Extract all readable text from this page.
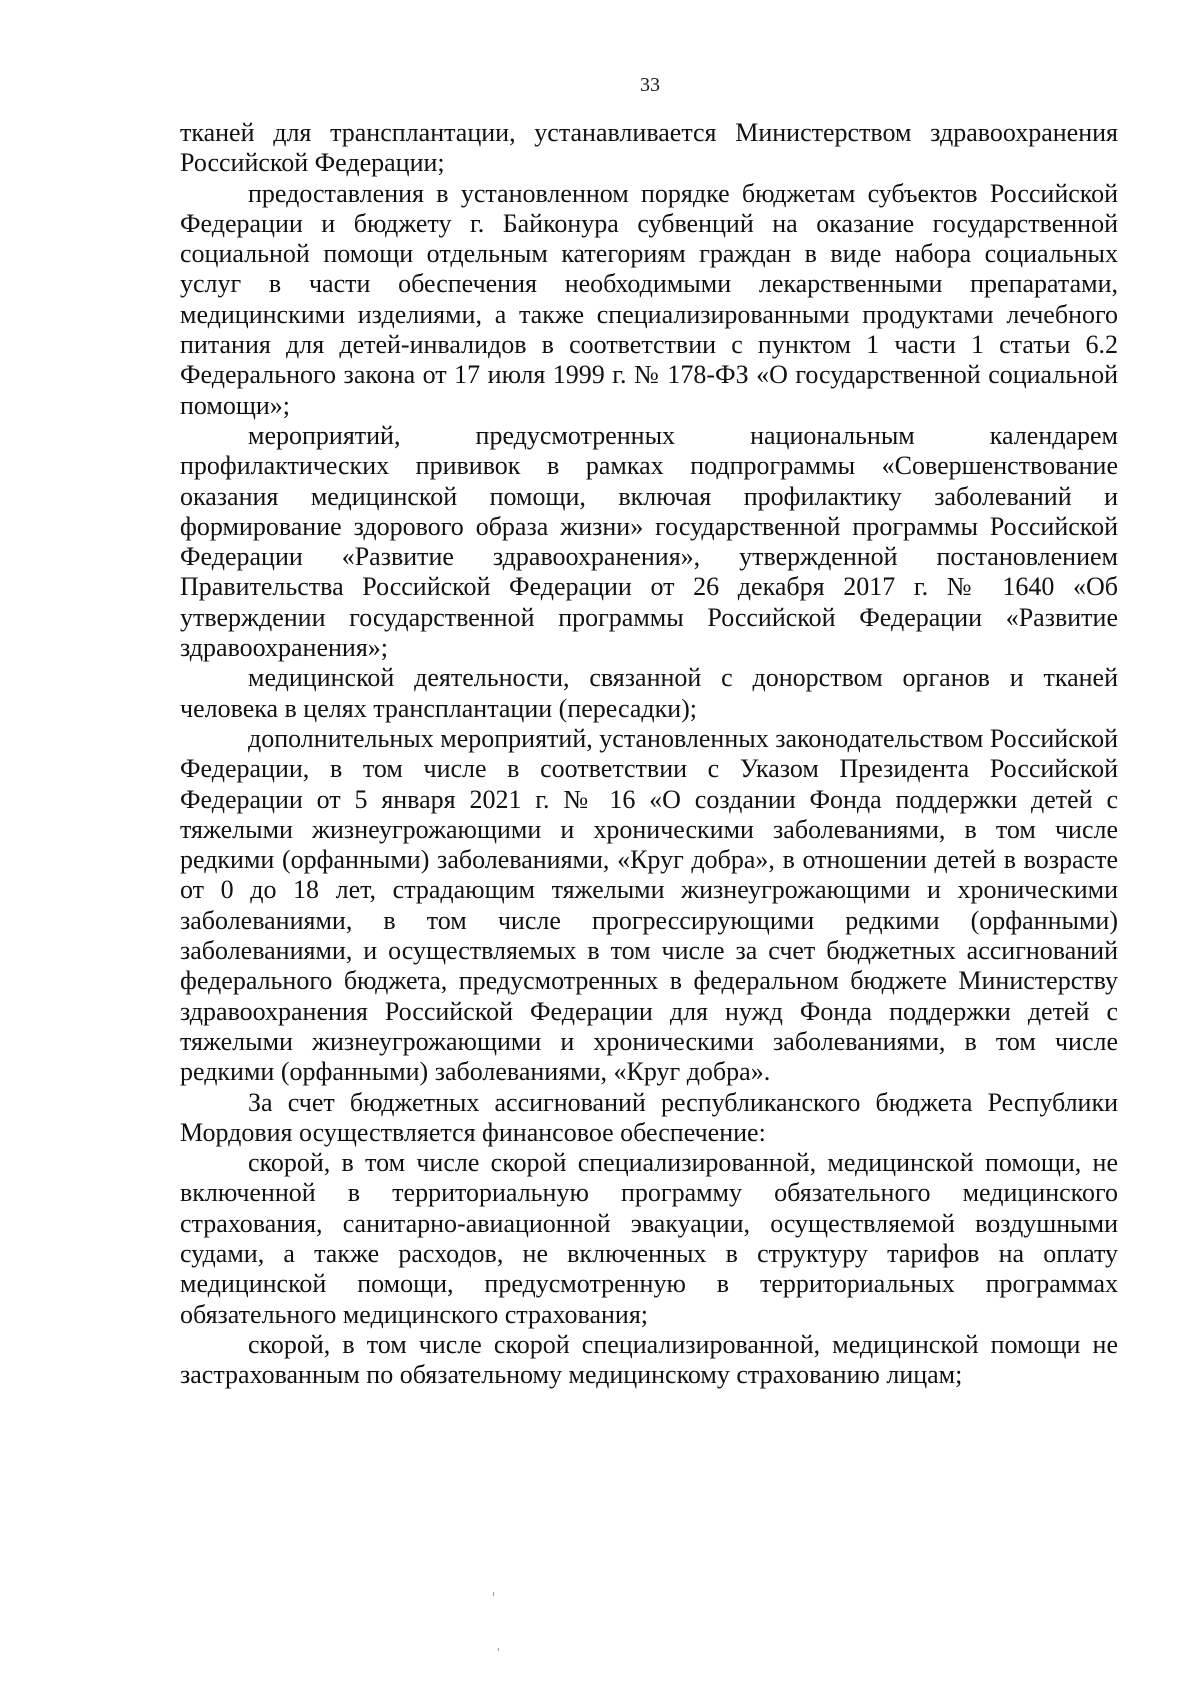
33

тканей для трансплантации, устанавливается Министерством здравоохранения Российской Федерации;

предоставления в установленном порядке бюджетам субъектов Российской Федерации и бюджету г. Байконура субвенций на оказание государственной социальной помощи отдельным категориям граждан в виде набора социальных услуг в части обеспечения необходимыми лекарственными препаратами, медицинскими изделиями, а также специализированными продуктами лечебного питания для детей-инвалидов в соответствии с пунктом 1 части 1 статьи 6.2 Федерального закона от 17 июля 1999 г. № 178-ФЗ «О государственной социальной помощи»;

мероприятий, предусмотренных национальным календарем профилактических прививок в рамках подпрограммы «Совершенствование оказания медицинской помощи, включая профилактику заболеваний и формирование здорового образа жизни» государственной программы Российской Федерации «Развитие здравоохранения», утвержденной постановлением Правительства Российской Федерации от 26 декабря 2017 г. № 1640 «Об утверждении государственной программы Российской Федерации «Развитие здравоохранения»;

медицинской деятельности, связанной с донорством органов и тканей человека в целях трансплантации (пересадки);

дополнительных мероприятий, установленных законодательством Российской Федерации, в том числе в соответствии с Указом Президента Российской Федерации от 5 января 2021 г. № 16 «О создании Фонда поддержки детей с тяжелыми жизнеугрожающими и хроническими заболеваниями, в том числе редкими (орфанными) заболеваниями, «Круг добра», в отношении детей в возрасте от 0 до 18 лет, страдающим тяжелыми жизнеугрожающими и хроническими заболеваниями, в том числе прогрессирующими редкими (орфанными) заболеваниями, и осуществляемых в том числе за счет бюджетных ассигнований федерального бюджета, предусмотренных в федеральном бюджете Министерству здравоохранения Российской Федерации для нужд Фонда поддержки детей с тяжелыми жизнеугрожающими и хроническими заболеваниями, в том числе редкими (орфанными) заболеваниями, «Круг добра».

За счет бюджетных ассигнований республиканского бюджета Республики Мордовия осуществляется финансовое обеспечение:

скорой, в том числе скорой специализированной, медицинской помощи, не включенной в территориальную программу обязательного медицинского страхования, санитарно-авиационной эвакуации, осуществляемой воздушными судами, а также расходов, не включенных в структуру тарифов на оплату медицинской помощи, предусмотренную в территориальных программах обязательного медицинского страхования;

скорой, в том числе скорой специализированной, медицинской помощи не застрахованным по обязательному медицинскому страхованию лицам;
